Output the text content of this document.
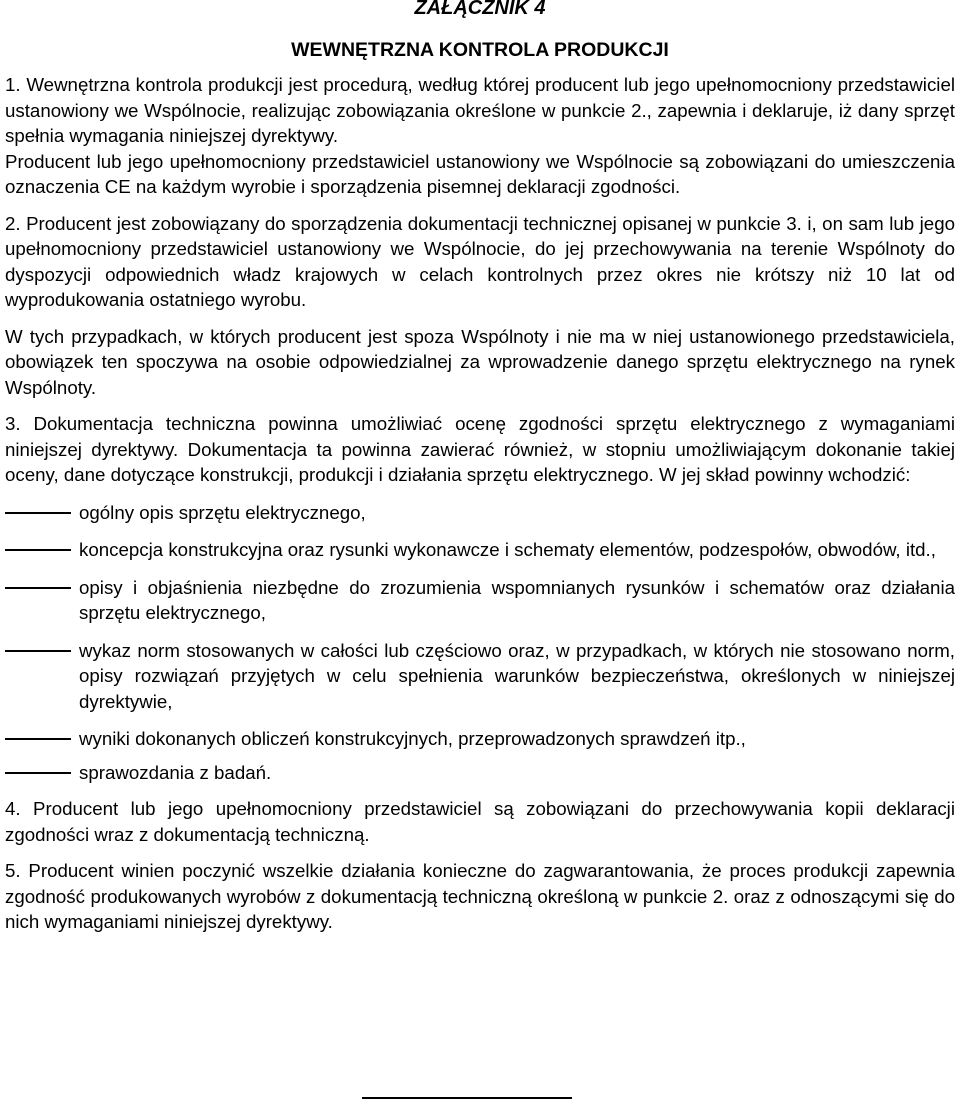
ZAŁĄCZNIK 4
WEWNĘTRZNA KONTROLA PRODUKCJI

1. Wewnętrzna kontrola produkcji jest procedurą, według której producent lub jego upełnomocniony przedstawiciel ustanowiony we Wspólnocie, realizując zobowiązania określone w punkcie 2., zapewnia i deklaruje, iż dany sprzęt spełnia wymagania niniejszej dyrektywy.

Producent lub jego upełnomocniony przedstawiciel ustanowiony we Wspólnocie są zobowiązani do umieszczenia oznaczenia CE na każdym wyrobie i sporządzenia pisemnej deklaracji zgodności.

2. Producent jest zobowiązany do sporządzenia dokumentacji technicznej opisanej w punkcie 3. i, on sam lub jego upełnomocniony przedstawiciel ustanowiony we Wspólnocie, do jej przechowywania na terenie Wspólnoty do dyspozycji odpowiednich władz krajowych w celach kontrolnych przez okres nie krótszy niż 10 lat od wyprodukowania ostatniego wyrobu.

W tych przypadkach, w których producent jest spoza Wspólnoty i nie ma w niej ustanowionego przedstawiciela, obowiązek ten spoczywa na osobie odpowiedzialnej za wprowadzenie danego sprzętu elektrycznego na rynek Wspólnoty.

3. Dokumentacja techniczna powinna umożliwiać ocenę zgodności sprzętu elektrycznego z wymaganiami niniejszej dyrektywy. Dokumentacja ta powinna zawierać również, w stopniu umożliwiającym dokonanie takiej oceny, dane dotyczące konstrukcji, produkcji i działania sprzętu elektrycznego. W jej skład powinny wchodzić:

ogólny opis sprzętu elektrycznego,
koncepcja konstrukcyjna oraz rysunki wykonawcze i schematy elementów, podzespołów, obwodów, itd.,
opisy i objaśnienia niezbędne do zrozumienia wspomnianych rysunków i schematów oraz działania sprzętu elektrycznego,
wykaz norm stosowanych w całości lub częściowo oraz, w przypadkach, w których nie stosowano norm, opisy rozwiązań przyjętych w celu spełnienia warunków bezpieczeństwa, określonych w niniejszej dyrektywie,
wyniki dokonanych obliczeń konstrukcyjnych, przeprowadzonych sprawdzeń itp.,
sprawozdania z badań.

4. Producent lub jego upełnomocniony przedstawiciel są zobowiązani do przechowywania kopii deklaracji zgodności wraz z dokumentacją techniczną.

5. Producent winien poczynić wszelkie działania konieczne do zagwarantowania, że proces produkcji zapewnia zgodność produkowanych wyrobów z dokumentacją techniczną określoną w punkcie 2. oraz z odnoszącymi się do nich wymaganiami niniejszej dyrektywy.
